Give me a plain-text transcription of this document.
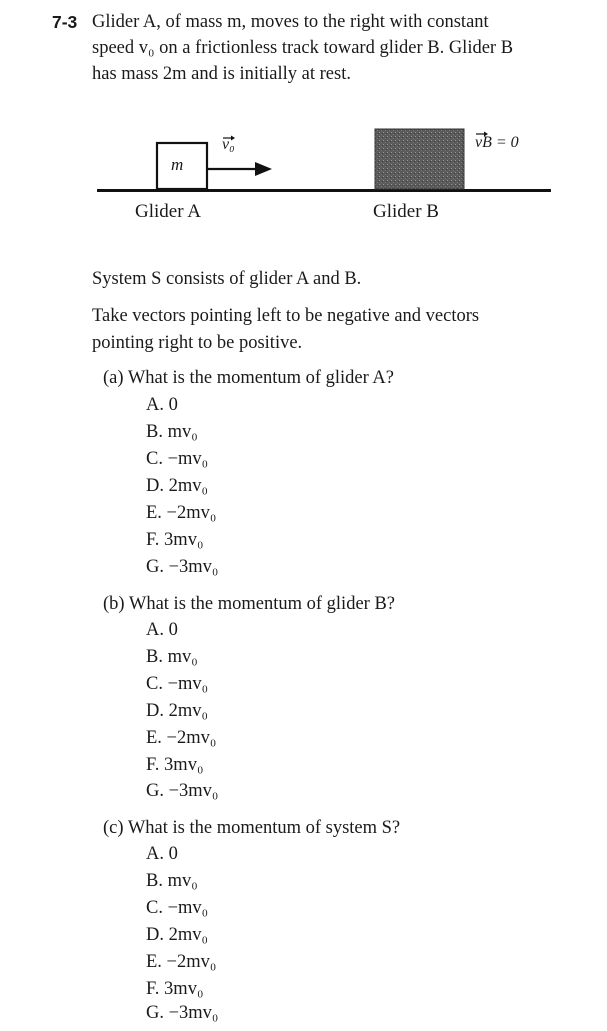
7-3 Glider A, of mass m, moves to the right with constant
speed v₀ on a frictionless track toward glider B. Glider B
has mass 2m and is initially at rest.
m
v₀	vB = 0
Glider A	Glider B
System S consists of glider A and B.
Take vectors pointing left to be negative and vectors
pointing right to be positive.
(a) What is the momentum of glider A?
A. 0
B. mv₀
C. −mv₀
D. 2mv₀
E. −2mv₀
F. 3mv₀
G. −3mv₀
(b) What is the momentum of glider B?
A. 0
B. mv₀
C. −mv₀
D. 2mv₀
E. −2mv₀
F. 3mv₀
G. −3mv₀
(c) What is the momentum of system S?
A. 0
B. mv₀
C. −mv₀
D. 2mv₀
E. −2mv₀
F. 3mv₀
G. −3mv₀
